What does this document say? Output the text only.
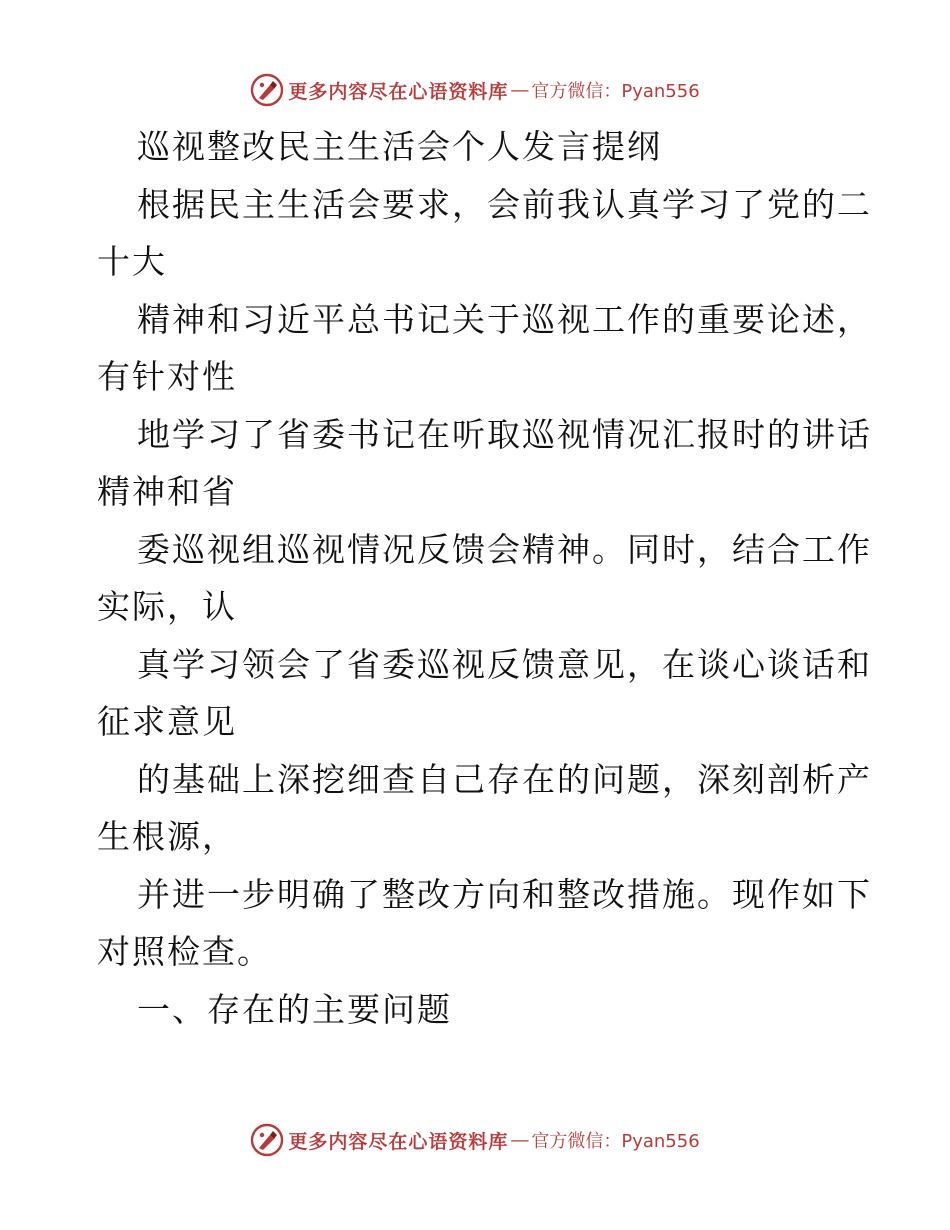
更多内容尽在心语资料库 — 官方微信：Pyan556
巡视整改民主生活会个人发言提纲
根据民主生活会要求，会前我认真学习了党的二
十大
精神和习近平总书记关于巡视工作的重要论述，
有针对性
地学习了省委书记在听取巡视情况汇报时的讲话
精神和省
委巡视组巡视情况反馈会精神。同时，结合工作
实际，认
真学习领会了省委巡视反馈意见，在谈心谈话和
征求意见
的基础上深挖细查自己存在的问题，深刻剖析产
生根源，
并进一步明确了整改方向和整改措施。现作如下
对照检查。
一、存在的主要问题
更多内容尽在心语资料库 — 官方微信：Pyan556
